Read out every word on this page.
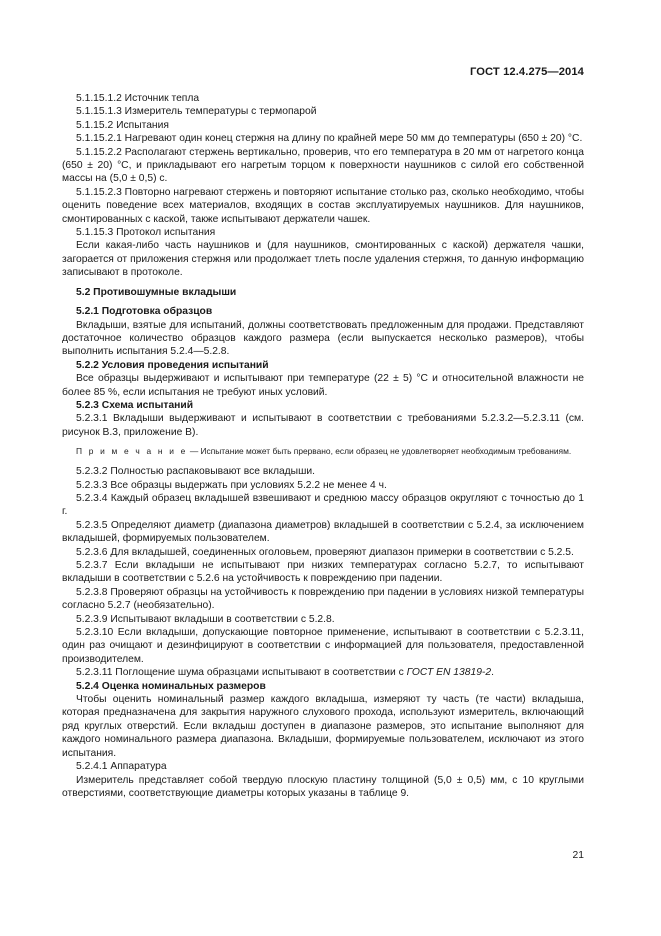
ГОСТ 12.4.275—2014

5.1.15.1.2 Источник тепла

5.1.15.1.3 Измеритель температуры с термопарой

5.1.15.2 Испытания

5.1.15.2.1 Нагревают один конец стержня на длину по крайней мере 50 мм до температуры (650 ± 20) °С.

5.1.15.2.2 Располагают стержень вертикально, проверив, что его температура в 20 мм от нагретого конца (650 ± 20) °С, и прикладывают его нагретым торцом к поверхности наушников с силой его собственной массы на (5,0 ± 0,5) с.

5.1.15.2.3 Повторно нагревают стержень и повторяют испытание столько раз, сколько необходимо, чтобы оценить поведение всех материалов, входящих в состав эксплуатируемых наушников. Для наушников, смонтированных с каской, также испытывают держатели чашек.

5.1.15.3 Протокол испытания

Если какая-либо часть наушников и (для наушников, смонтированных с каской) держателя чашки, загорается от приложения стержня или продолжает тлеть после удаления стержня, то данную информацию записывают в протоколе.

5.2 Противошумные вкладыши

5.2.1 Подготовка образцов

Вкладыши, взятые для испытаний, должны соответствовать предложенным для продажи. Представляют достаточное количество образцов каждого размера (если выпускается несколько размеров), чтобы выполнить испытания 5.2.4—5.2.8.

5.2.2 Условия проведения испытаний

Все образцы выдерживают и испытывают при температуре (22 ± 5) °С и относительной влажности не более 85 %, если испытания не требуют иных условий.

5.2.3 Схема испытаний

5.2.3.1 Вкладыши выдерживают и испытывают в соответствии с требованиями 5.2.3.2—5.2.3.11 (см. рисунок В.3, приложение В).

П р и м е ч а н и е — Испытание может быть прервано, если образец не удовлетворяет необходимым требованиям.

5.2.3.2 Полностью распаковывают все вкладыши.

5.2.3.3 Все образцы выдержать при условиях 5.2.2 не менее 4 ч.

5.2.3.4 Каждый образец вкладышей взвешивают и среднюю массу образцов округляют с точностью до 1 г.

5.2.3.5 Определяют диаметр (диапазона диаметров) вкладышей в соответствии с 5.2.4, за исключением вкладышей, формируемых пользователем.

5.2.3.6 Для вкладышей, соединенных оголовьем, проверяют диапазон примерки в соответствии с 5.2.5.

5.2.3.7 Если вкладыши не испытывают при низких температурах согласно 5.2.7, то испытывают вкладыши в соответствии с 5.2.6 на устойчивость к повреждению при падении.

5.2.3.8 Проверяют образцы на устойчивость к повреждению при падении в условиях низкой температуры согласно 5.2.7 (необязательно).

5.2.3.9 Испытывают вкладыши в соответствии с 5.2.8.

5.2.3.10 Если вкладыши, допускающие повторное применение, испытывают в соответствии с 5.2.3.11, один раз очищают и дезинфицируют в соответствии с информацией для пользователя, предоставленной производителем.

5.2.3.11 Поглощение шума образцами испытывают в соответствии с ГОСТ EN 13819-2.

5.2.4 Оценка номинальных размеров

Чтобы оценить номинальный размер каждого вкладыша, измеряют ту часть (те части) вкладыша, которая предназначена для закрытия наружного слухового прохода, используют измеритель, включающий ряд круглых отверстий. Если вкладыш доступен в диапазоне размеров, это испытание выполняют для каждого номинального размера диапазона. Вкладыши, формируемые пользователем, исключают из этого испытания.

5.2.4.1 Аппаратура

Измеритель представляет собой твердую плоскую пластину толщиной (5,0 ± 0,5) мм, с 10 круглыми отверстиями, соответствующие диаметры которых указаны в таблице 9.

21
